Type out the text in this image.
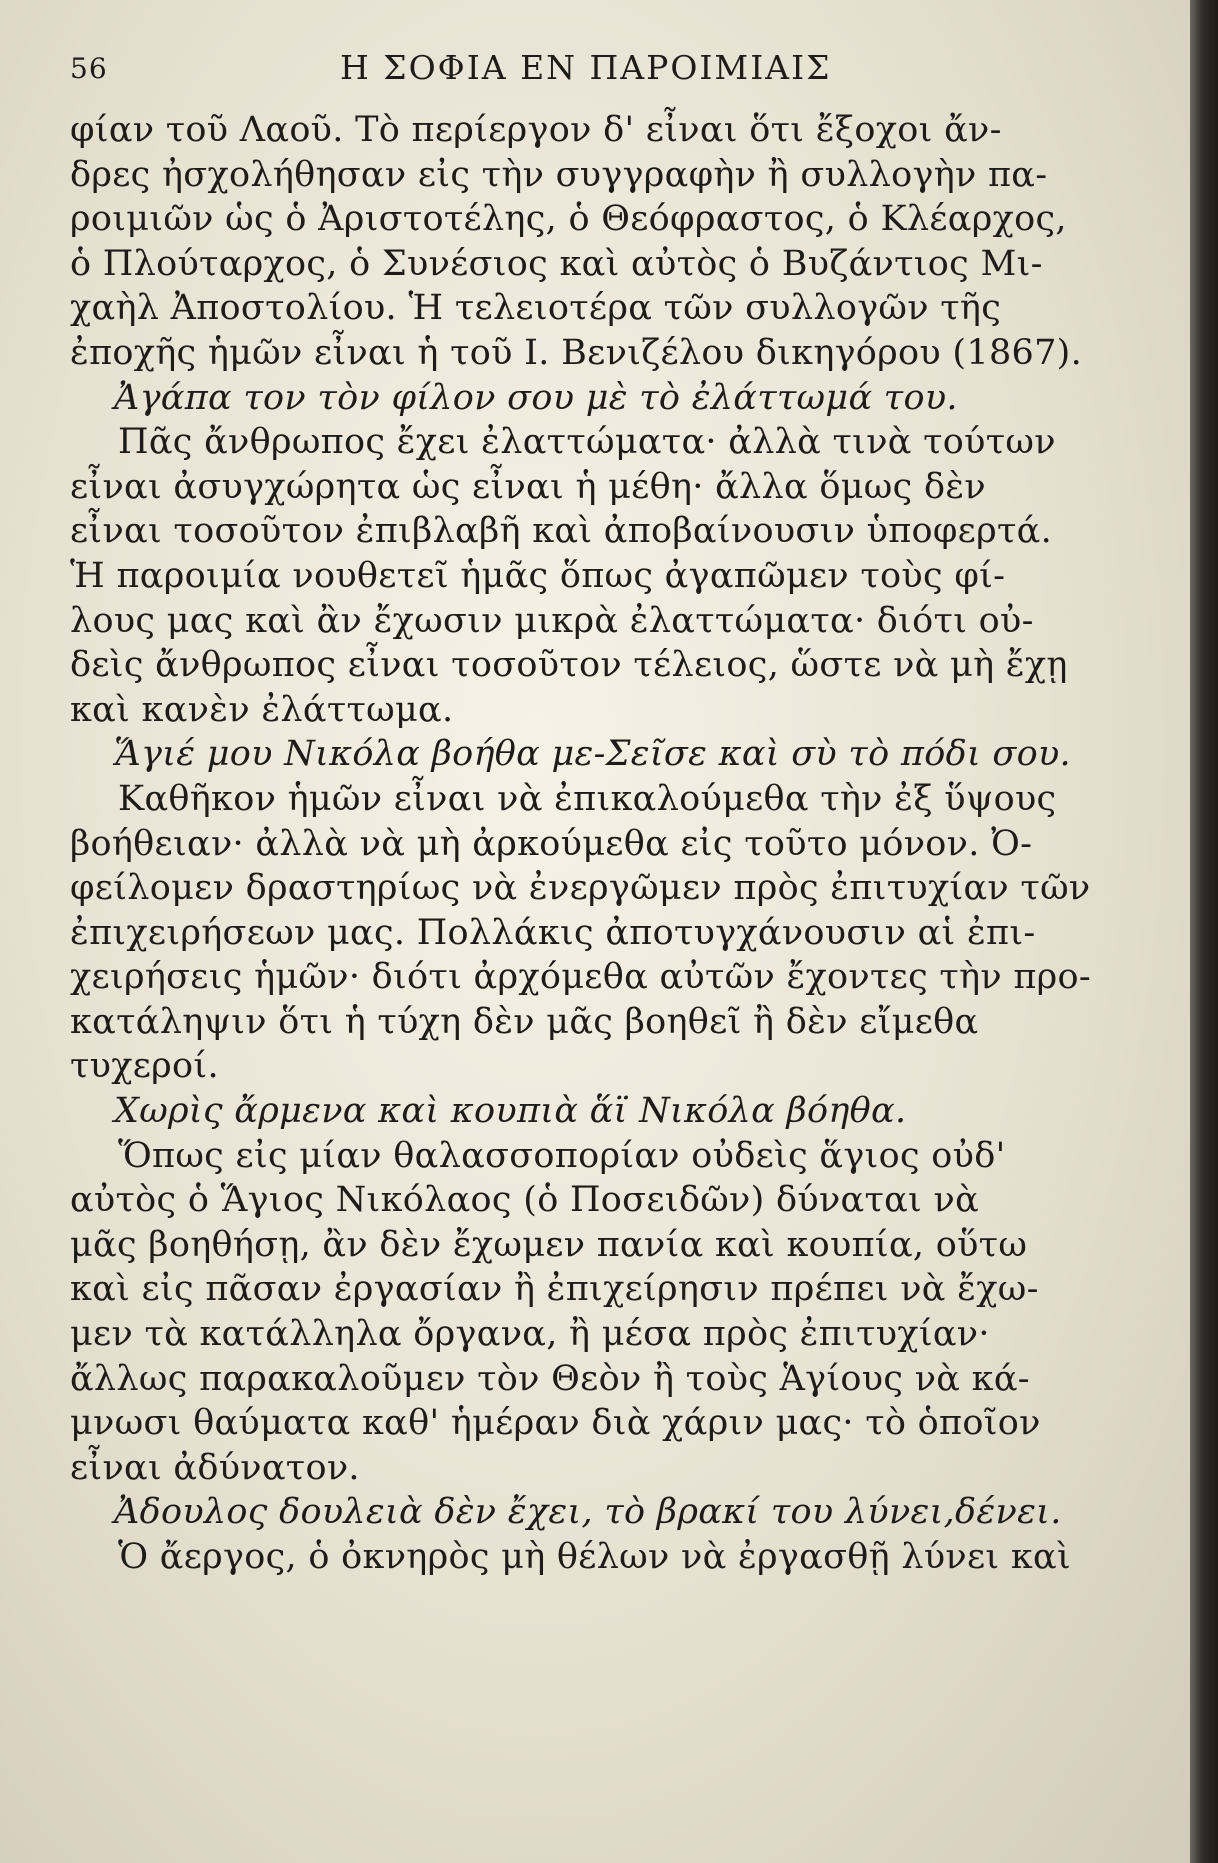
56	Η ΣΟΦΙΑ ΕΝ ΠΑΡΟΙΜΙΑΙΣ
φίαν τοῦ Λαοῦ. Τὸ περίεργον δ' εἶναι ὅτι ἔξοχοι ἄν-
δρες ἠσχολήθησαν εἰς τὴν συγγραφὴν ἢ συλλογὴν πα-
ροιμιῶν ὡς ὁ Ἀριστοτέλης, ὁ Θεόφραστος, ὁ Κλέαρχος,
ὁ Πλούταρχος, ὁ Συνέσιος καὶ αὐτὸς ὁ Βυζάντιος Μι-
χαὴλ Ἀποστολίου. Ἡ τελειοτέρα τῶν συλλογῶν τῆς
ἐποχῆς ἡμῶν εἶναι ἡ τοῦ Ι. Βενιζέλου δικηγόρου (1867).
Ἀγάπα τον τὸν φίλον σου μὲ τὸ ἐλάττωμά του.
Πᾶς ἄνθρωπος ἔχει ἐλαττώματα· ἀλλὰ τινὰ τούτων
εἶναι ἀσυγχώρητα ὡς εἶναι ἡ μέθη· ἄλλα ὅμως δὲν
εἶναι τοσοῦτον ἐπιβλαβῆ καὶ ἀποβαίνουσιν ὑποφερτά.
Ἡ παροιμία νουθετεῖ ἡμᾶς ὅπως ἀγαπῶμεν τοὺς φί-
λους μας καὶ ἂν ἔχωσιν μικρὰ ἐλαττώματα· διότι οὐ-
δεὶς ἄνθρωπος εἶναι τοσοῦτον τέλειος, ὥστε νὰ μὴ ἔχῃ
καὶ κανὲν ἐλάττωμα.
Ἅγιέ μου Νικόλα βοήθα με-Σεῖσε καὶ σὺ τὸ πόδι σου.
Καθῆκον ἡμῶν εἶναι νὰ ἐπικαλούμεθα τὴν ἐξ ὕψους
βοήθειαν· ἀλλὰ νὰ μὴ ἀρκούμεθα εἰς τοῦτο μόνον. Ὀ-
φείλομεν δραστηρίως νὰ ἐνεργῶμεν πρὸς ἐπιτυχίαν τῶν
ἐπιχειρήσεων μας. Πολλάκις ἀποτυγχάνουσιν αἱ ἐπι-
χειρήσεις ἡμῶν· διότι ἀρχόμεθα αὐτῶν ἔχοντες τὴν προ-
κατάληψιν ὅτι ἡ τύχη δὲν μᾶς βοηθεῖ ἢ δὲν εἴμεθα
τυχεροί.
Χωρὶς ἄρμενα καὶ κουπιὰ ἅϊ Νικόλα βόηθα.
Ὅπως εἰς μίαν θαλασσοπορίαν οὐδεὶς ἅγιος οὐδ'
αὐτὸς ὁ Ἅγιος Νικόλαος (ὁ Ποσειδῶν) δύναται νὰ
μᾶς βοηθήσῃ, ἂν δὲν ἔχωμεν πανία καὶ κουπία, οὕτω
καὶ εἰς πᾶσαν ἐργασίαν ἢ ἐπιχείρησιν πρέπει νὰ ἔχω-
μεν τὰ κατάλληλα ὄργανα, ἢ μέσα πρὸς ἐπιτυχίαν·
ἄλλως παρακαλοῦμεν τὸν Θεὸν ἢ τοὺς Ἁγίους νὰ κά-
μνωσι θαύματα καθ' ἡμέραν διὰ χάριν μας· τὸ ὁποῖον
εἶναι ἀδύνατον.
Ἀδουλος δουλειὰ δὲν ἔχει, τὸ βρακί του λύνει,δένει.
Ὁ ἄεργος, ὁ ὀκνηρὸς μὴ θέλων νὰ ἐργασθῇ λύνει καὶ
